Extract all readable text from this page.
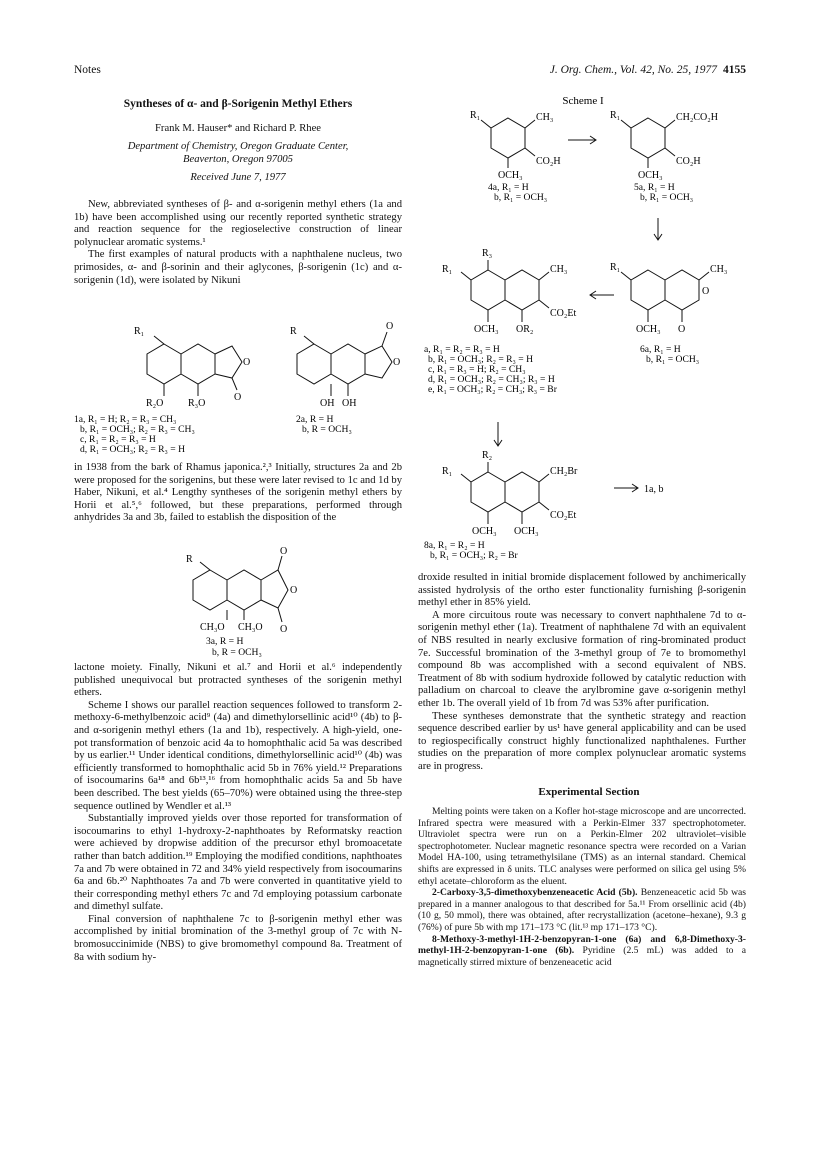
Notes	J. Org. Chem., Vol. 42, No. 25, 1977 4155

Syntheses of α- and β-Sorigenin Methyl Ethers

Frank M. Hauser* and Richard P. Rhee

Department of Chemistry, Oregon Graduate Center,

Beaverton, Oregon 97005

Received June 7, 1977

New, abbreviated syntheses of β- and α-sorigenin methyl ethers (1a and 1b) have been accomplished using our recently reported synthetic strategy and reaction sequence for the regioselective construction of linear polynuclear aromatic systems.¹

The first examples of natural products with a naphthalene nucleus, two primosides, α- and β-sorinin and their aglycones, β-sorigenin (1c) and α-sorigenin (1d), were isolated by Nikuni

R₁
O
O
R₂O R₃O
R	O
O
OH OH
1a, R₁ = H; R₂ = R₃ = CH₃
b, R₁ = OCH₃; R₂ = R₃ = CH₃
c, R₁ = R₂ = R₃ = H
d, R₁ = OCH₃; R₂ = R₃ = H
2a, R = H
b, R = OCH₃

in 1938 from the bark of Rhamus japonica.²,³ Initially, structures 2a and 2b were proposed for the sorigenins, but these were later revised to 1c and 1d by Haber, Nikuni, et al.⁴ Lengthy syntheses of the sorigenin methyl ethers by Horii et al.⁵,⁶ followed, but these preparations, performed through anhydrides 3a and 3b, failed to establish the disposition of the

R
O
O
O
CH₃O CH₃O
3a, R = H
b, R = OCH₃

lactone moiety. Finally, Nikuni et al.⁷ and Horii et al.⁶ independently published unequivocal but protracted syntheses of the sorigenin methyl ethers.

Scheme I shows our parallel reaction sequences followed to transform 2-methoxy-6-methylbenzoic acid⁹ (4a) and dimethylorsellinic acid¹⁰ (4b) to β- and α-sorigenin methyl ethers (1a and 1b), respectively. A high-yield, one-pot transformation of benzoic acid 4a to homophthalic acid 5a was described by us earlier.¹¹ Under identical conditions, dimethylorsellinic acid¹⁰ (4b) was efficiently transformed to homophthalic acid 5b in 76% yield.¹² Preparations of isocoumarins 6a¹⁸ and 6b¹³,¹⁶ from homophthalic acids 5a and 5b have been described. The best yields (65–70%) were obtained using the three-step sequence outlined by Wendler et al.¹³

Substantially improved yields over those reported for transformation of isocoumarins to ethyl 1-hydroxy-2-naphthoates by Reformatsky reaction were achieved by dropwise addition of the precursor ethyl bromoacetate rather than batch addition.¹⁹ Employing the modified conditions, naphthoates 7a and 7b were obtained in 72 and 34% yield respectively from isocoumarins 6a and 6b.²⁰ Naphthoates 7a and 7b were converted in quantitative yield to their corresponding methyl ethers 7c and 7d employing potassium carbonate and dimethyl sulfate.

Final conversion of naphthalene 7c to β-sorigenin methyl ether was accomplished by initial bromination of the 3-methyl group of 7c with N-bromosuccinimide (NBS) to give bromomethyl compound 8a. Treatment of 8a with sodium hy-

Scheme I
R₁	CH₃
CO₂H
OCH₃
4a, R₁ = H
b, R₁ = OCH₃
R₁	CH₂CO₂H
CO₂H
OCH₃
5a, R₁ = H
b, R₁ = OCH₃
R₁	CH₃
O
OCH₃ O
6a, R₁ = H
b, R₁ = OCH₃
R₃
R₁	CH₃
CO₂Et
OCH₃ OR₂
a, R₁ = R₂ = R₃ = H
b, R₁ = OCH₃; R₂ = R₃ = H
c, R₁ = R₃ = H; R₂ = CH₃
d, R₁ = OCH₃; R₂ = CH₃; R₃ = H
e, R₁ = OCH₃; R₂ = CH₃; R₃ = Br
R₂
R₁	CH₂Br
CO₂Et
OCH₃ OCH₃
1a, b
8a, R₁ = R₂ = H
b, R₁ = OCH₃; R₂ = Br

droxide resulted in initial bromide displacement followed by anchimerically assisted hydrolysis of the ortho ester functionality furnishing β-sorigenin methyl ether in 85% yield.

A more circuitous route was necessary to convert naphthalene 7d to α-sorigenin methyl ether (1a). Treatment of naphthalene 7d with an equivalent of NBS resulted in nearly exclusive formation of ring-brominated product 7e. Successful bromination of the 3-methyl group of 7e to bromomethyl compound 8b was accomplished with a second equivalent of NBS. Treatment of 8b with sodium hydroxide followed by catalytic reduction with palladium on charcoal to cleave the arylbromine gave α-sorigenin methyl ether 1b. The overall yield of 1b from 7d was 53% after purification.

These syntheses demonstrate that the synthetic strategy and reaction sequence described earlier by us¹ have general applicability and can be used to regiospecifically construct highly functionalized naphthalenes. Further studies on the preparation of more complex polynuclear aromatic systems are in progress.

Experimental Section

Melting points were taken on a Kofler hot-stage microscope and are uncorrected. Infrared spectra were measured with a Perkin-Elmer 337 spectrophotometer. Ultraviolet spectra were run on a Perkin-Elmer 202 ultraviolet–visible spectrophotometer. Nuclear magnetic resonance spectra were recorded on a Varian Model HA-100, using tetramethylsilane (TMS) as an internal standard. Chemical shifts are expressed in δ units. TLC analyses were performed on silica gel using 5% ethyl acetate–chloroform as the eluent.

2-Carboxy-3,5-dimethoxybenzeneacetic Acid (5b). Benzeneacetic acid 5b was prepared in a manner analogous to that described for 5a.¹¹ From orsellinic acid (4b) (10 g, 50 mmol), there was obtained, after recrystallization (acetone–hexane), 9.3 g (76%) of pure 5b with mp 171–173 °C (lit.¹³ mp 171–173 °C).

8-Methoxy-3-methyl-1H-2-benzopyran-1-one (6a) and 6,8-Dimethoxy-3-methyl-1H-2-benzopyran-1-one (6b). Pyridine (2.5 mL) was added to a magnetically stirred mixture of benzeneacetic acid
